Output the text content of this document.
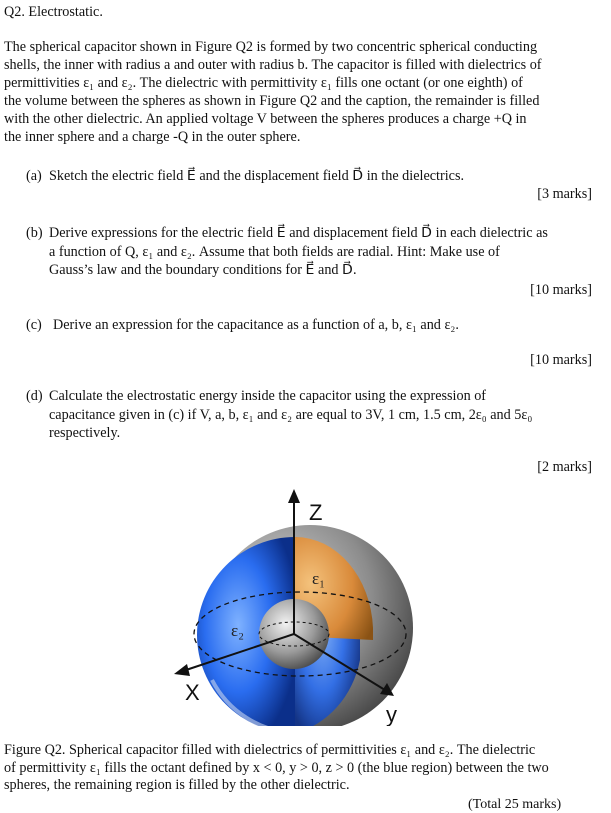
Q2. Electrostatic.
The spherical capacitor shown in Figure Q2 is formed by two concentric spherical conducting
shells, the inner with radius a and outer with radius b. The capacitor is filled with dielectrics of
permittivities ε₁ and ε₂. The dielectric with permittivity ε₁ fills one octant (or one eighth) of
the volume between the spheres as shown in Figure Q2 and the caption, the remainder is filled
with the other dielectric. An applied voltage V between the spheres produces a charge +Q in
the inner sphere and a charge -Q in the outer sphere.
(a) Sketch the electric field E⃗ and the displacement field D⃗ in the dielectrics.
[3 marks]
(b) Derive expressions for the electric field E⃗ and displacement field D⃗ in each dielectric as
a function of Q, ε₁ and ε₂. Assume that both fields are radial. Hint: Make use of
Gauss’s law and the boundary conditions for E⃗ and D⃗.
[10 marks]
(c) Derive an expression for the capacitance as a function of a, b, ε₁ and ε₂.
[10 marks]
(d) Calculate the electrostatic energy inside the capacitor using the expression of
capacitance given in (c) if V, a, b, ε₁ and ε₂ are equal to 3V, 1 cm, 1.5 cm, 2ε₀ and 5ε₀
respectively.
[2 marks]
Z
X
y
ε₁
ε₂
Figure Q2. Spherical capacitor filled with dielectrics of permittivities ε₁ and ε₂. The dielectric
of permittivity ε₁ fills the octant defined by x < 0, y > 0, z > 0 (the blue region) between the two
spheres, the remaining region is filled by the other dielectric.
(Total 25 marks)
